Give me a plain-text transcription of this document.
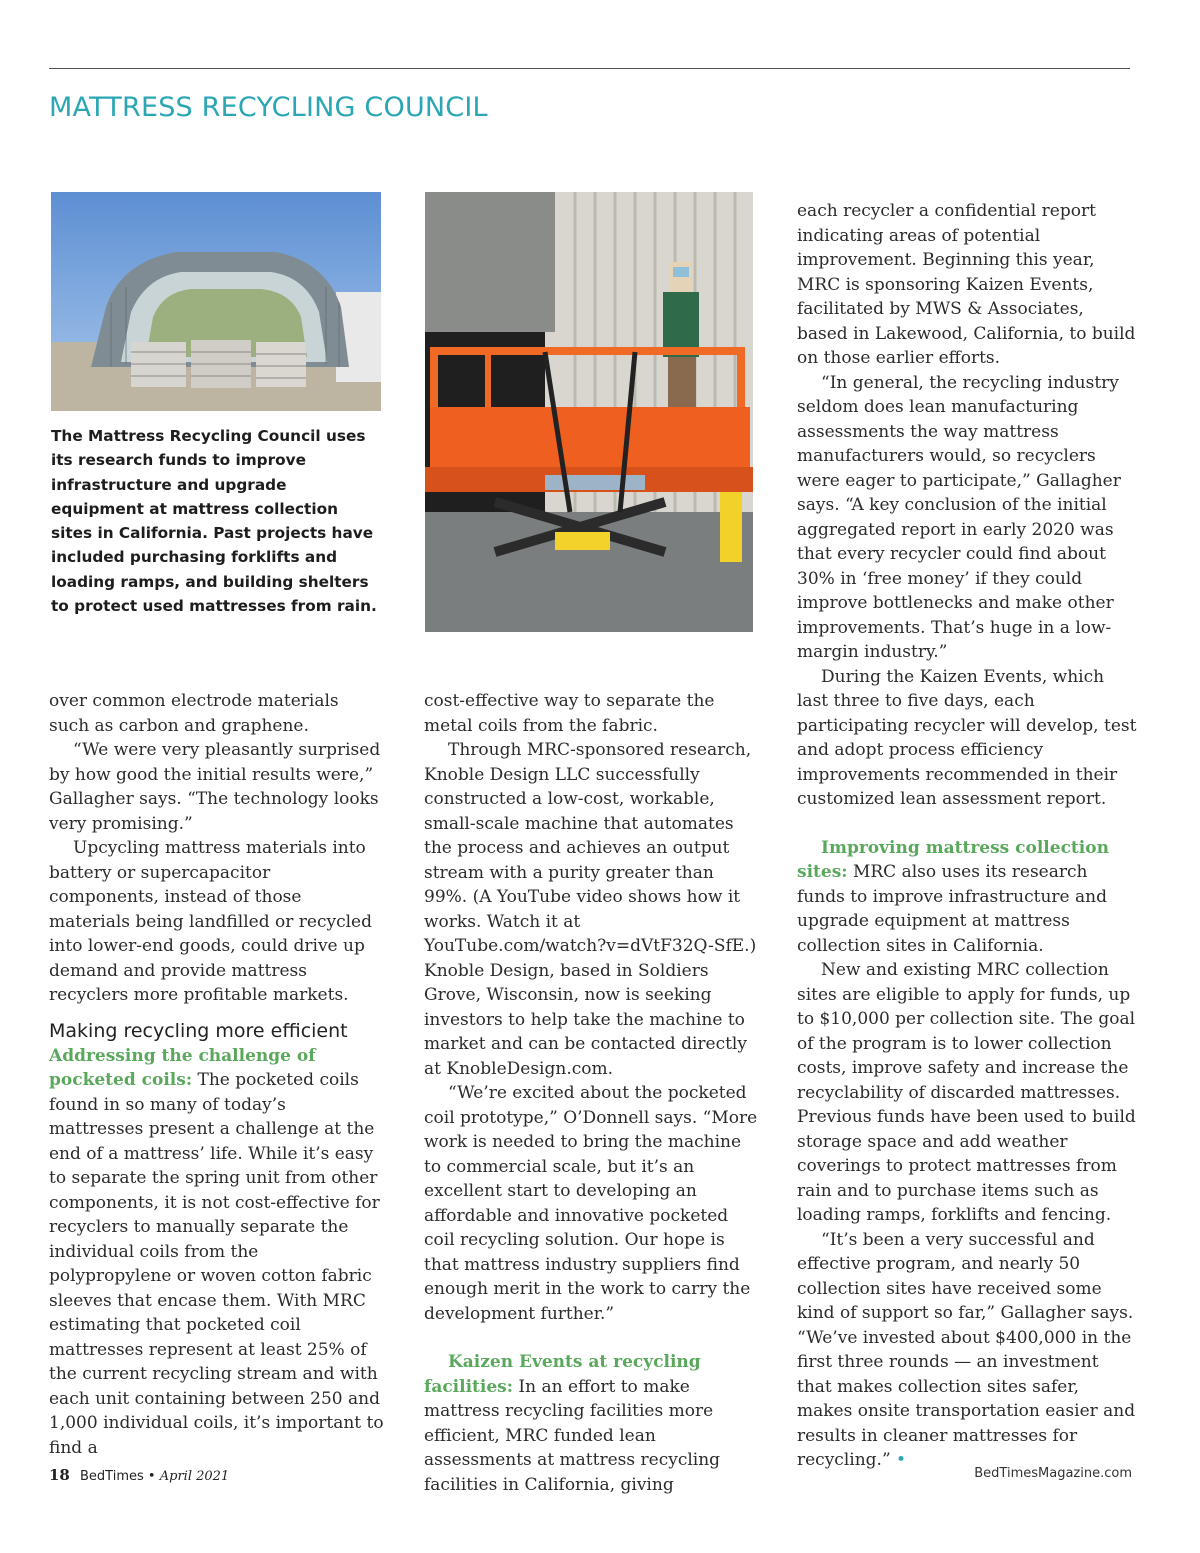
MATTRESS RECYCLING COUNCIL
The Mattress Recycling Council uses its research funds to improve infrastructure and upgrade equipment at mattress collection sites in California. Past projects have included purchasing forklifts and loading ramps, and building shelters to protect used mattresses from rain.

over common electrode materials such as carbon and graphene.

“We were very pleasantly surprised by how good the initial results were,” Gallagher says. “The technology looks very promising.”

Upcycling mattress materials into battery or supercapacitor components, instead of those materials being landfilled or recycled into lower-end goods, could drive up demand and provide mattress recyclers more profitable markets.

Making recycling more efficient

Addressing the challenge of pocketed coils: The pocketed coils found in so many of today’s mattresses present a challenge at the end of a mattress’ life. While it’s easy to separate the spring unit from other components, it is not cost-effective for recyclers to manually separate the individual coils from the polypropylene or woven cotton fabric sleeves that encase them. With MRC estimating that pocketed coil mattresses represent at least 25% of the current recycling stream and with each unit containing between 250 and 1,000 individual coils, it’s important to find a

cost-effective way to separate the metal coils from the fabric.

Through MRC-sponsored research, Knoble Design LLC successfully constructed a low-cost, workable, small-scale machine that automates the process and achieves an output stream with a purity greater than 99%. (A YouTube video shows how it works. Watch it at YouTube.com/watch?v=dVtF32Q-SfE.) Knoble Design, based in Soldiers Grove, Wisconsin, now is seeking investors to help take the machine to market and can be contacted directly at KnobleDesign.com.

“We’re excited about the pocketed coil prototype,” O’Donnell says. “More work is needed to bring the machine to commercial scale, but it’s an excellent start to developing an affordable and innovative pocketed coil recycling solution. Our hope is that mattress industry suppliers find enough merit in the work to carry the development further.”

Kaizen Events at recycling facilities: In an effort to make mattress recycling facilities more efficient, MRC funded lean assessments at mattress recycling facilities in California, giving

each recycler a confidential report indicating areas of potential improvement. Beginning this year, MRC is sponsoring Kaizen Events, facilitated by MWS & Associates, based in Lakewood, California, to build on those earlier efforts.

“In general, the recycling industry seldom does lean manufacturing assessments the way mattress manufacturers would, so recyclers were eager to participate,” Gallagher says. “A key conclusion of the initial aggregated report in early 2020 was that every recycler could find about 30% in ‘free money’ if they could improve bottlenecks and make other improvements. That’s huge in a low-margin industry.”

During the Kaizen Events, which last three to five days, each participating recycler will develop, test and adopt process efficiency improvements recommended in their customized lean assessment report.

Improving mattress collection sites: MRC also uses its research funds to improve infrastructure and upgrade equipment at mattress collection sites in California.

New and existing MRC collection sites are eligible to apply for funds, up to $10,000 per collection site. The goal of the program is to lower collection costs, improve safety and increase the recyclability of discarded mattresses. Previous funds have been used to build storage space and add weather coverings to protect mattresses from rain and to purchase items such as loading ramps, forklifts and fencing.

“It’s been a very successful and effective program, and nearly 50 collection sites have received some kind of support so far,” Gallagher says. “We’ve invested about $400,000 in the first three rounds — an investment that makes collection sites safer, makes onsite transportation easier and results in cleaner mattresses for recycling.” •

18 BedTimes • April 2021	BedTimesMagazine.com
